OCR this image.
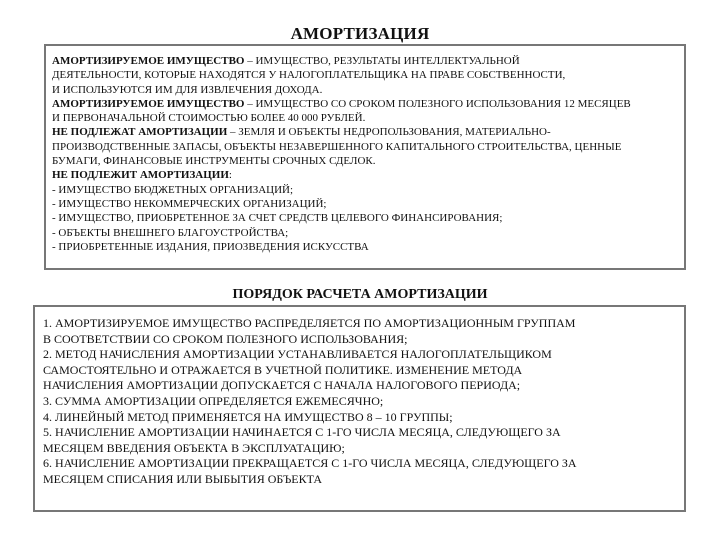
АМОРТИЗАЦИЯ
АМОРТИЗИРУЕМОЕ ИМУЩЕСТВО – ИМУЩЕСТВО, РЕЗУЛЬТАТЫ ИНТЕЛЛЕКТУАЛЬНОЙ
ДЕЯТЕЛЬНОСТИ, КОТОРЫЕ НАХОДЯТСЯ У НАЛОГОПЛАТЕЛЬЩИКА НА ПРАВЕ СОБСТВЕННОСТИ,
И ИСПОЛЬЗУЮТСЯ ИМ ДЛЯ ИЗВЛЕЧЕНИЯ ДОХОДА.
АМОРТИЗИРУЕМОЕ ИМУЩЕСТВО – ИМУЩЕСТВО СО СРОКОМ ПОЛЕЗНОГО ИСПОЛЬЗОВАНИЯ 12 МЕСЯЦЕВ
И ПЕРВОНАЧАЛЬНОЙ СТОИМОСТЬЮ БОЛЕЕ 40 000 РУБЛЕЙ.
НЕ ПОДЛЕЖАТ АМОРТИЗАЦИИ – ЗЕМЛЯ И ОБЪЕКТЫ НЕДРОПОЛЬЗОВАНИЯ, МАТЕРИАЛЬНО-
ПРОИЗВОДСТВЕННЫЕ ЗАПАСЫ, ОБЪЕКТЫ НЕЗАВЕРШЕННОГО КАПИТАЛЬНОГО СТРОИТЕЛЬСТВА, ЦЕННЫЕ
БУМАГИ, ФИНАНСОВЫЕ ИНСТРУМЕНТЫ СРОЧНЫХ СДЕЛОК.
НЕ ПОДЛЕЖИТ АМОРТИЗАЦИИ:
- ИМУЩЕСТВО БЮДЖЕТНЫХ ОРГАНИЗАЦИЙ;
- ИМУЩЕСТВО НЕКОММЕРЧЕСКИХ ОРГАНИЗАЦИЙ;
- ИМУЩЕСТВО, ПРИОБРЕТЕННОЕ ЗА СЧЕТ СРЕДСТВ ЦЕЛЕВОГО ФИНАНСИРОВАНИЯ;
- ОБЪЕКТЫ ВНЕШНЕГО БЛАГОУСТРОЙСТВА;
- ПРИОБРЕТЕННЫЕ ИЗДАНИЯ, ПРИОЗВЕДЕНИЯ ИСКУССТВА
ПОРЯДОК РАСЧЕТА АМОРТИЗАЦИИ
1. АМОРТИЗИРУЕМОЕ ИМУЩЕСТВО РАСПРЕДЕЛЯЕТСЯ ПО АМОРТИЗАЦИОННЫМ ГРУППАМ
В СООТВЕТСТВИИ СО СРОКОМ ПОЛЕЗНОГО ИСПОЛЬЗОВАНИЯ;
2. МЕТОД НАЧИСЛЕНИЯ АМОРТИЗАЦИИ УСТАНАВЛИВАЕТСЯ НАЛОГОПЛАТЕЛЬЩИКОМ
САМОСТОЯТЕЛЬНО И ОТРАЖАЕТСЯ В УЧЕТНОЙ ПОЛИТИКЕ. ИЗМЕНЕНИЕ МЕТОДА
НАЧИСЛЕНИЯ АМОРТИЗАЦИИ ДОПУСКАЕТСЯ С НАЧАЛА НАЛОГОВОГО ПЕРИОДА;
3. СУММА АМОРТИЗАЦИИ ОПРЕДЕЛЯЕТСЯ ЕЖЕМЕСЯЧНО;
4. ЛИНЕЙНЫЙ МЕТОД ПРИМЕНЯЕТСЯ НА ИМУЩЕСТВО 8 – 10 ГРУППЫ;
5. НАЧИСЛЕНИЕ АМОРТИЗАЦИИ НАЧИНАЕТСЯ С 1-ГО ЧИСЛА МЕСЯЦА, СЛЕДУЮЩЕГО ЗА
МЕСЯЦЕМ ВВЕДЕНИЯ ОБЪЕКТА В ЭКСПЛУАТАЦИЮ;
6. НАЧИСЛЕНИЕ АМОРТИЗАЦИИ ПРЕКРАЩАЕТСЯ С 1-ГО ЧИСЛА МЕСЯЦА, СЛЕДУЮЩЕГО ЗА
МЕСЯЦЕМ СПИСАНИЯ ИЛИ ВЫБЫТИЯ ОБЪЕКТА
